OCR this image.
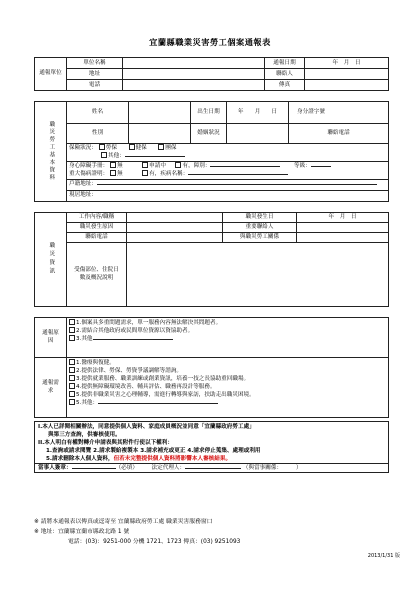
宜蘭縣職業災害勞工個案通報表
通報單位	單位名稱		通報日期	年　月　日
	地址		聯絡人	
	電話		傳真	
職災勞工基本資料	姓名		出生日期	年　　月　　日	身分證字號
	性別		婚姻狀況		聯絡電話

	保險狀況： 勞保 健保 團保
其他：				

	身心障礙手冊： 無 申請中 有，障別： 等級：
重大傷病證明： 無 有，疾病名稱：				

	戶籍地址：
現居地址：				
職災資訊	工作內容/職稱		職災發生日	年　月　日
	職災發生原因		重要聯絡人	
	聯絡電話		與職災勞工關係	
	受傷部位、住院日數及概況說明			
通報原因	
1.個案具多重問題需求，單一服務內容無法解決其問題者。
2.需結合其他政府或民間單位資源以資協助者。
3.其他
通報需求	
1.醫療與復健。
2.提供法律、勞保、勞資爭議調解等諮詢。
3.提供就業服務、職業訓練或創業資訊，培養一技之長協助重回職場。
4.提供無障礙環境改善、輔具評估、職務再設計等服務。
5.提供非職業災害之心理輔導，需進行轉導與家訪，扶助走出職災困境。
5.其他：
I.本人已詳閱相關辦法，同意提供個人資料、家庭成員概況並同意「宜蘭縣政府勞工處」
與第三方查詢，供審核使用。
II.本人明白有權對轉介申請表與其附件行使以下權利：
1.查詢或請求閱覽 2.請求製給複製本 3.請求補充或更正 4.請求停止蒐集、處理或利用
5.請求刪除本人個人資料，但若未完整提供個人資料將影響本人審核結果。
當事人簽章：	（必填） 法定代理人：	（與當事關係：　　　）
※ 請將本通報表以傳真或逕寄至 宜蘭縣政府勞工處 職業災害服務窗口
※ 地址：宜蘭縣宜蘭市縣政北路 1 號
電話：(03)：9251-000 分機 1721、1723 傳真：(03) 9251093
2013/1/31 版
